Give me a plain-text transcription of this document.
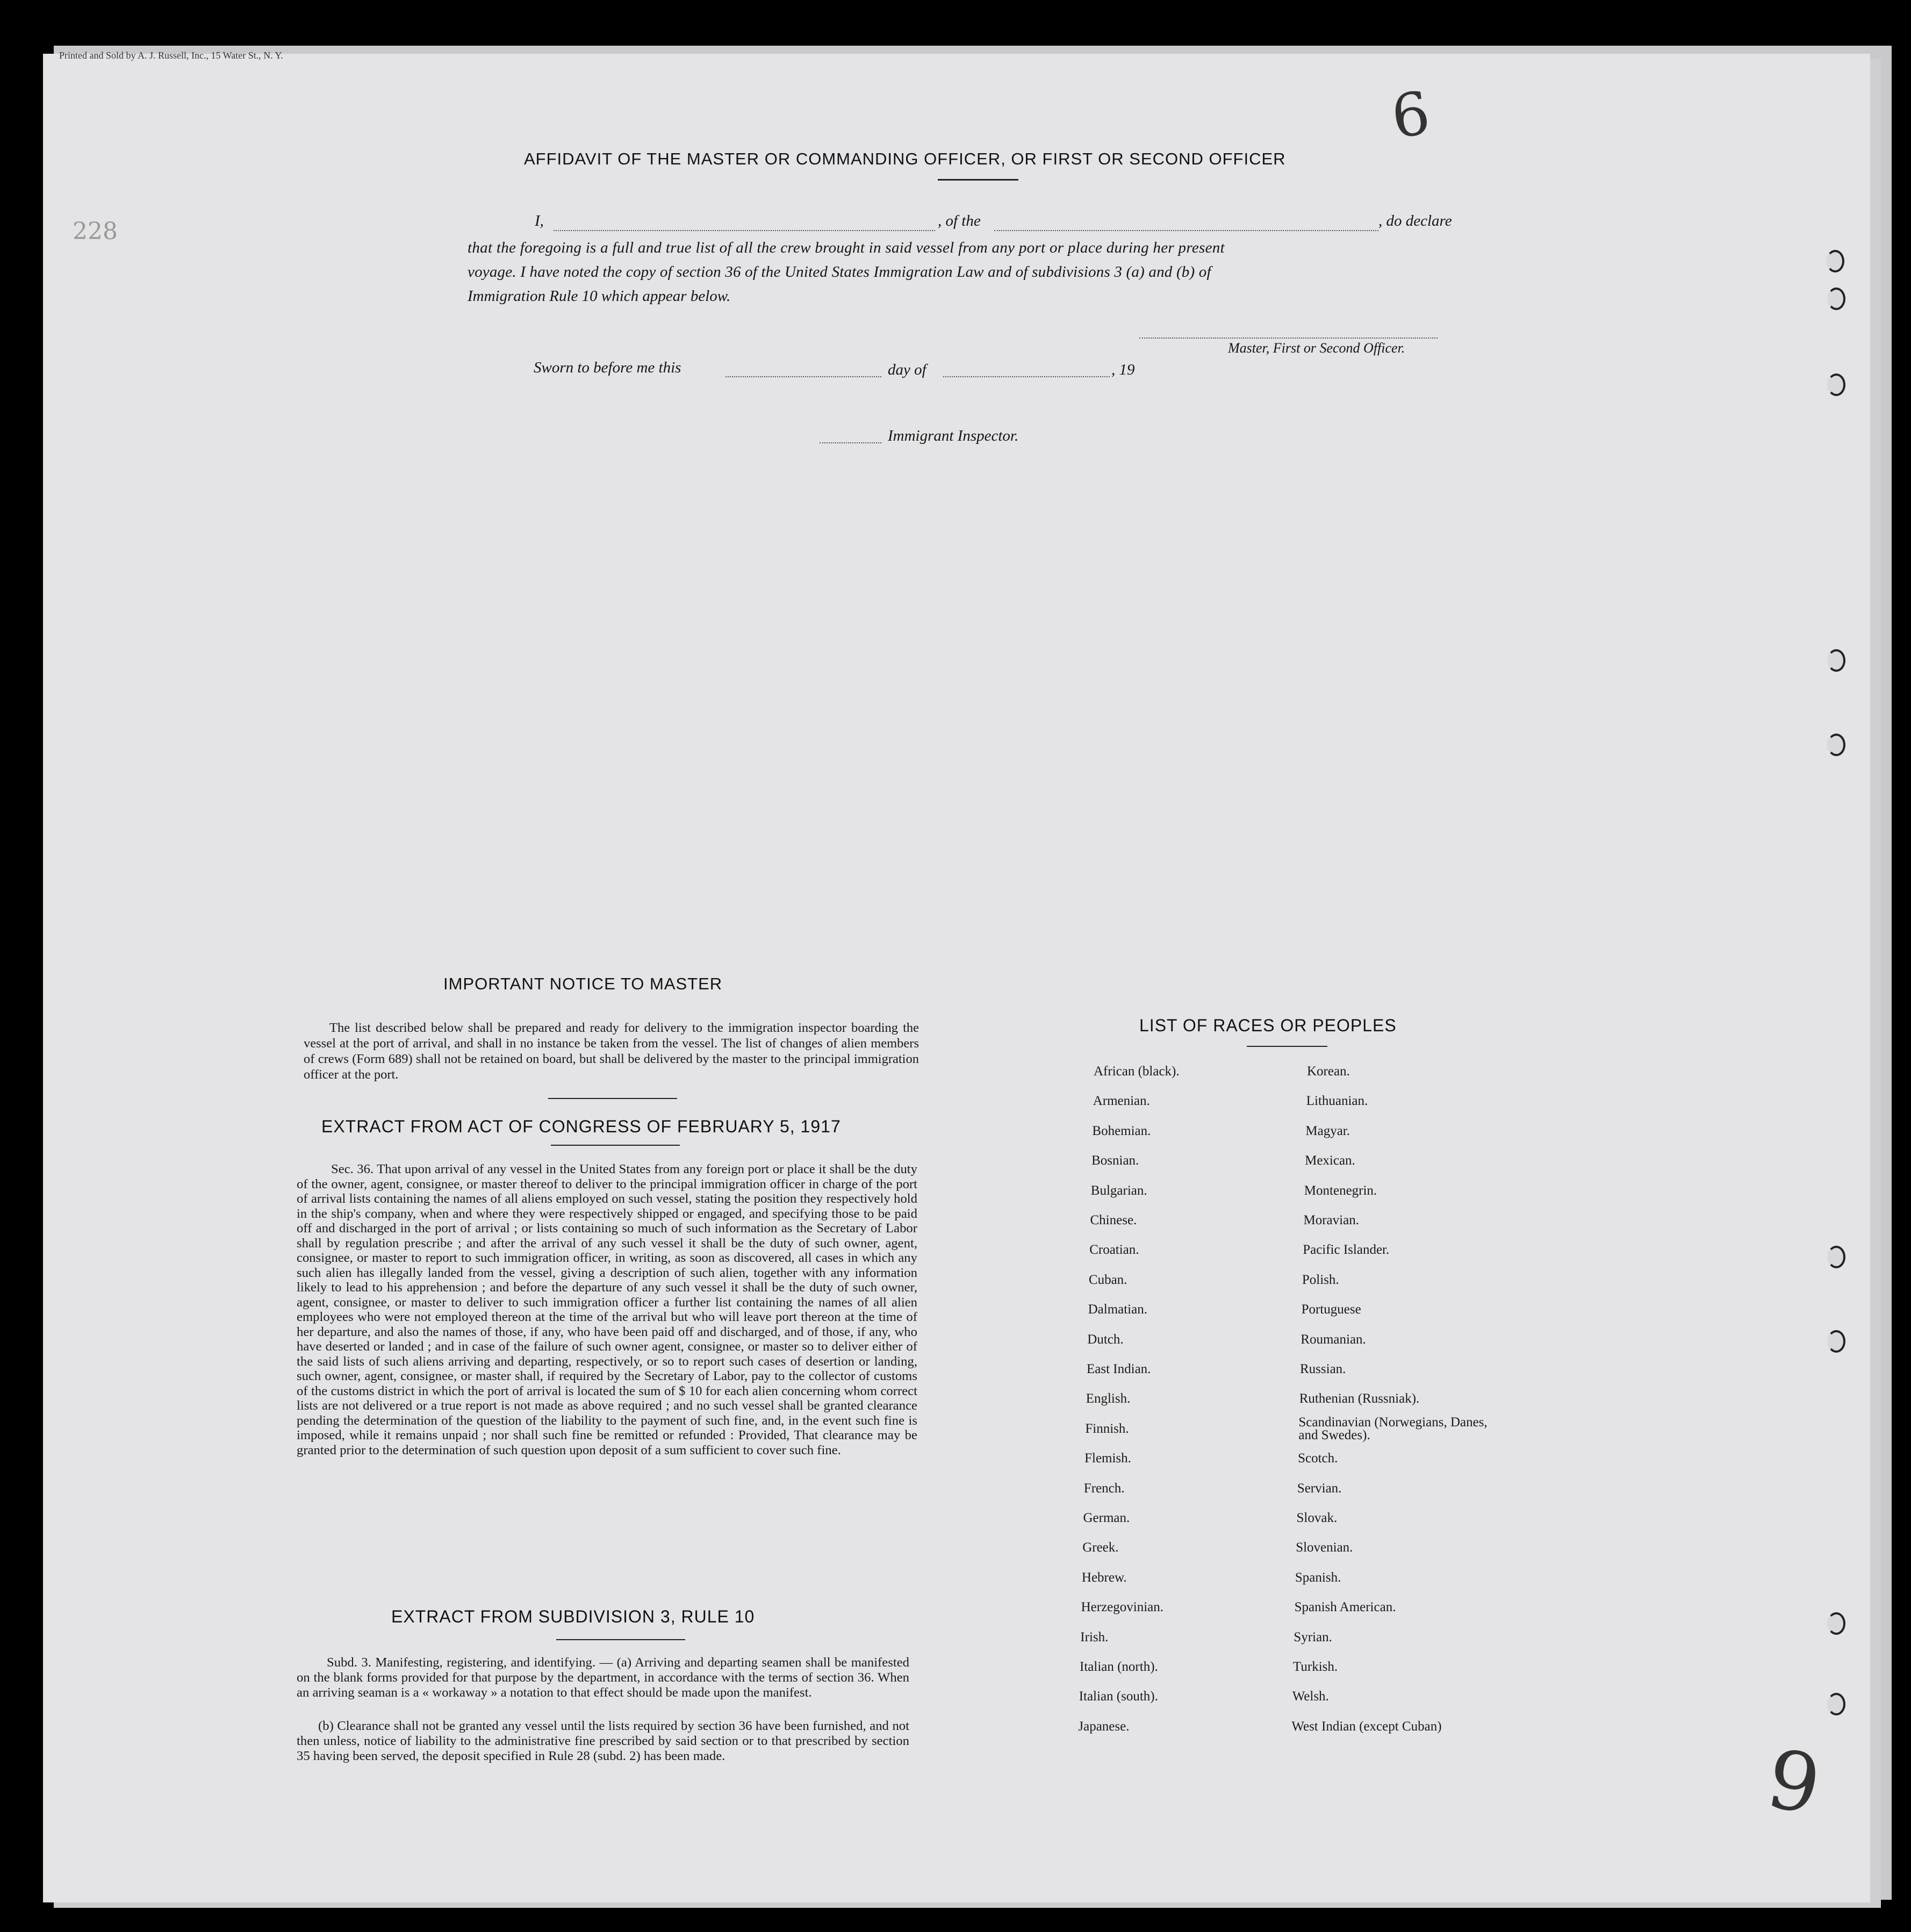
Printed and Sold by A. J. Russell, Inc., 15 Water St., N. Y.
6
228
9
AFFIDAVIT OF THE MASTER OR COMMANDING OFFICER, OR FIRST OR SECOND OFFICER
I,	, of the	, do declare
that the foregoing is a full and true list of all the crew brought in said vessel from any port or place during her present
voyage. I have noted the copy of section 36 of the United States Immigration Law and of subdivisions 3 (a) and (b) of
Immigration Rule 10 which appear below.
Master, First or Second Officer.
Sworn to before me this	day of	, 19
Immigrant Inspector.
IMPORTANT NOTICE TO MASTER
The list described below shall be prepared and ready for delivery to the immigration inspector boarding the vessel at the port of arrival, and shall in no instance be taken from the vessel. The list of changes of alien members of crews (Form 689) shall not be retained on board, but shall be delivered by the master to the principal immigration officer at the port.
EXTRACT FROM ACT OF CONGRESS OF FEBRUARY 5, 1917
Sec. 36. That upon arrival of any vessel in the United States from any foreign port or place it shall be the duty of the owner, agent, consignee, or master thereof to deliver to the principal immigration officer in charge of the port of arrival lists containing the names of all aliens employed on such vessel, stating the position they respectively hold in the ship's company, when and where they were respectively shipped or engaged, and specifying those to be paid off and discharged in the port of arrival ; or lists containing so much of such information as the Secretary of Labor shall by regulation prescribe ; and after the arrival of any such vessel it shall be the duty of such owner, agent, consignee, or master to report to such immigration officer, in writing, as soon as discovered, all cases in which any such alien has illegally landed from the vessel, giving a description of such alien, together with any information likely to lead to his apprehension ; and before the departure of any such vessel it shall be the duty of such owner, agent, consignee, or master to deliver to such immigration officer a further list containing the names of all alien employees who were not employed thereon at the time of the arrival but who will leave port thereon at the time of her departure, and also the names of those, if any, who have been paid off and discharged, and of those, if any, who have deserted or landed ; and in case of the failure of such owner agent, consignee, or master so to deliver either of the said lists of such aliens arriving and departing, respectively, or so to report such cases of desertion or landing, such owner, agent, consignee, or master shall, if required by the Secretary of Labor, pay to the collector of customs of the customs district in which the port of arrival is located the sum of $ 10 for each alien concerning whom correct lists are not delivered or a true report is not made as above required ; and no such vessel shall be granted clearance pending the determination of the question of the liability to the payment of such fine, and, in the event such fine is imposed, while it remains unpaid ; nor shall such fine be remitted or refunded : Provided, That clearance may be granted prior to the determination of such question upon deposit of a sum sufficient to cover such fine.
EXTRACT FROM SUBDIVISION 3, RULE 10
Subd. 3. Manifesting, registering, and identifying. — (a) Arriving and departing seamen shall be manifested on the blank forms provided for that purpose by the department, in accordance with the terms of section 36. When an arriving seaman is a « workaway » a notation to that effect should be made upon the manifest.
(b) Clearance shall not be granted any vessel until the lists required by section 36 have been furnished, and not then unless, notice of liability to the administrative fine prescribed by said section or to that prescribed by section 35 having been served, the deposit specified in Rule 28 (subd. 2) has been made.
LIST OF RACES OR PEOPLES
African (black).
Armenian.
Bohemian.
Bosnian.
Bulgarian.
Chinese.
Croatian.
Cuban.
Dalmatian.
Dutch.
East Indian.
English.
Finnish.
Flemish.
French.
German.
Greek.
Hebrew.
Herzegovinian.
Irish.
Italian (north).
Italian (south).
Japanese.
Korean.
Lithuanian.
Magyar.
Mexican.
Montenegrin.
Moravian.
Pacific Islander.
Polish.
Portuguese
Roumanian.
Russian.
Ruthenian (Russniak).
Scandinavian (Norwegians, Danes, and Swedes).
Scotch.
Servian.
Slovak.
Slovenian.
Spanish.
Spanish American.
Syrian.
Turkish.
Welsh.
West Indian (except Cuban)
